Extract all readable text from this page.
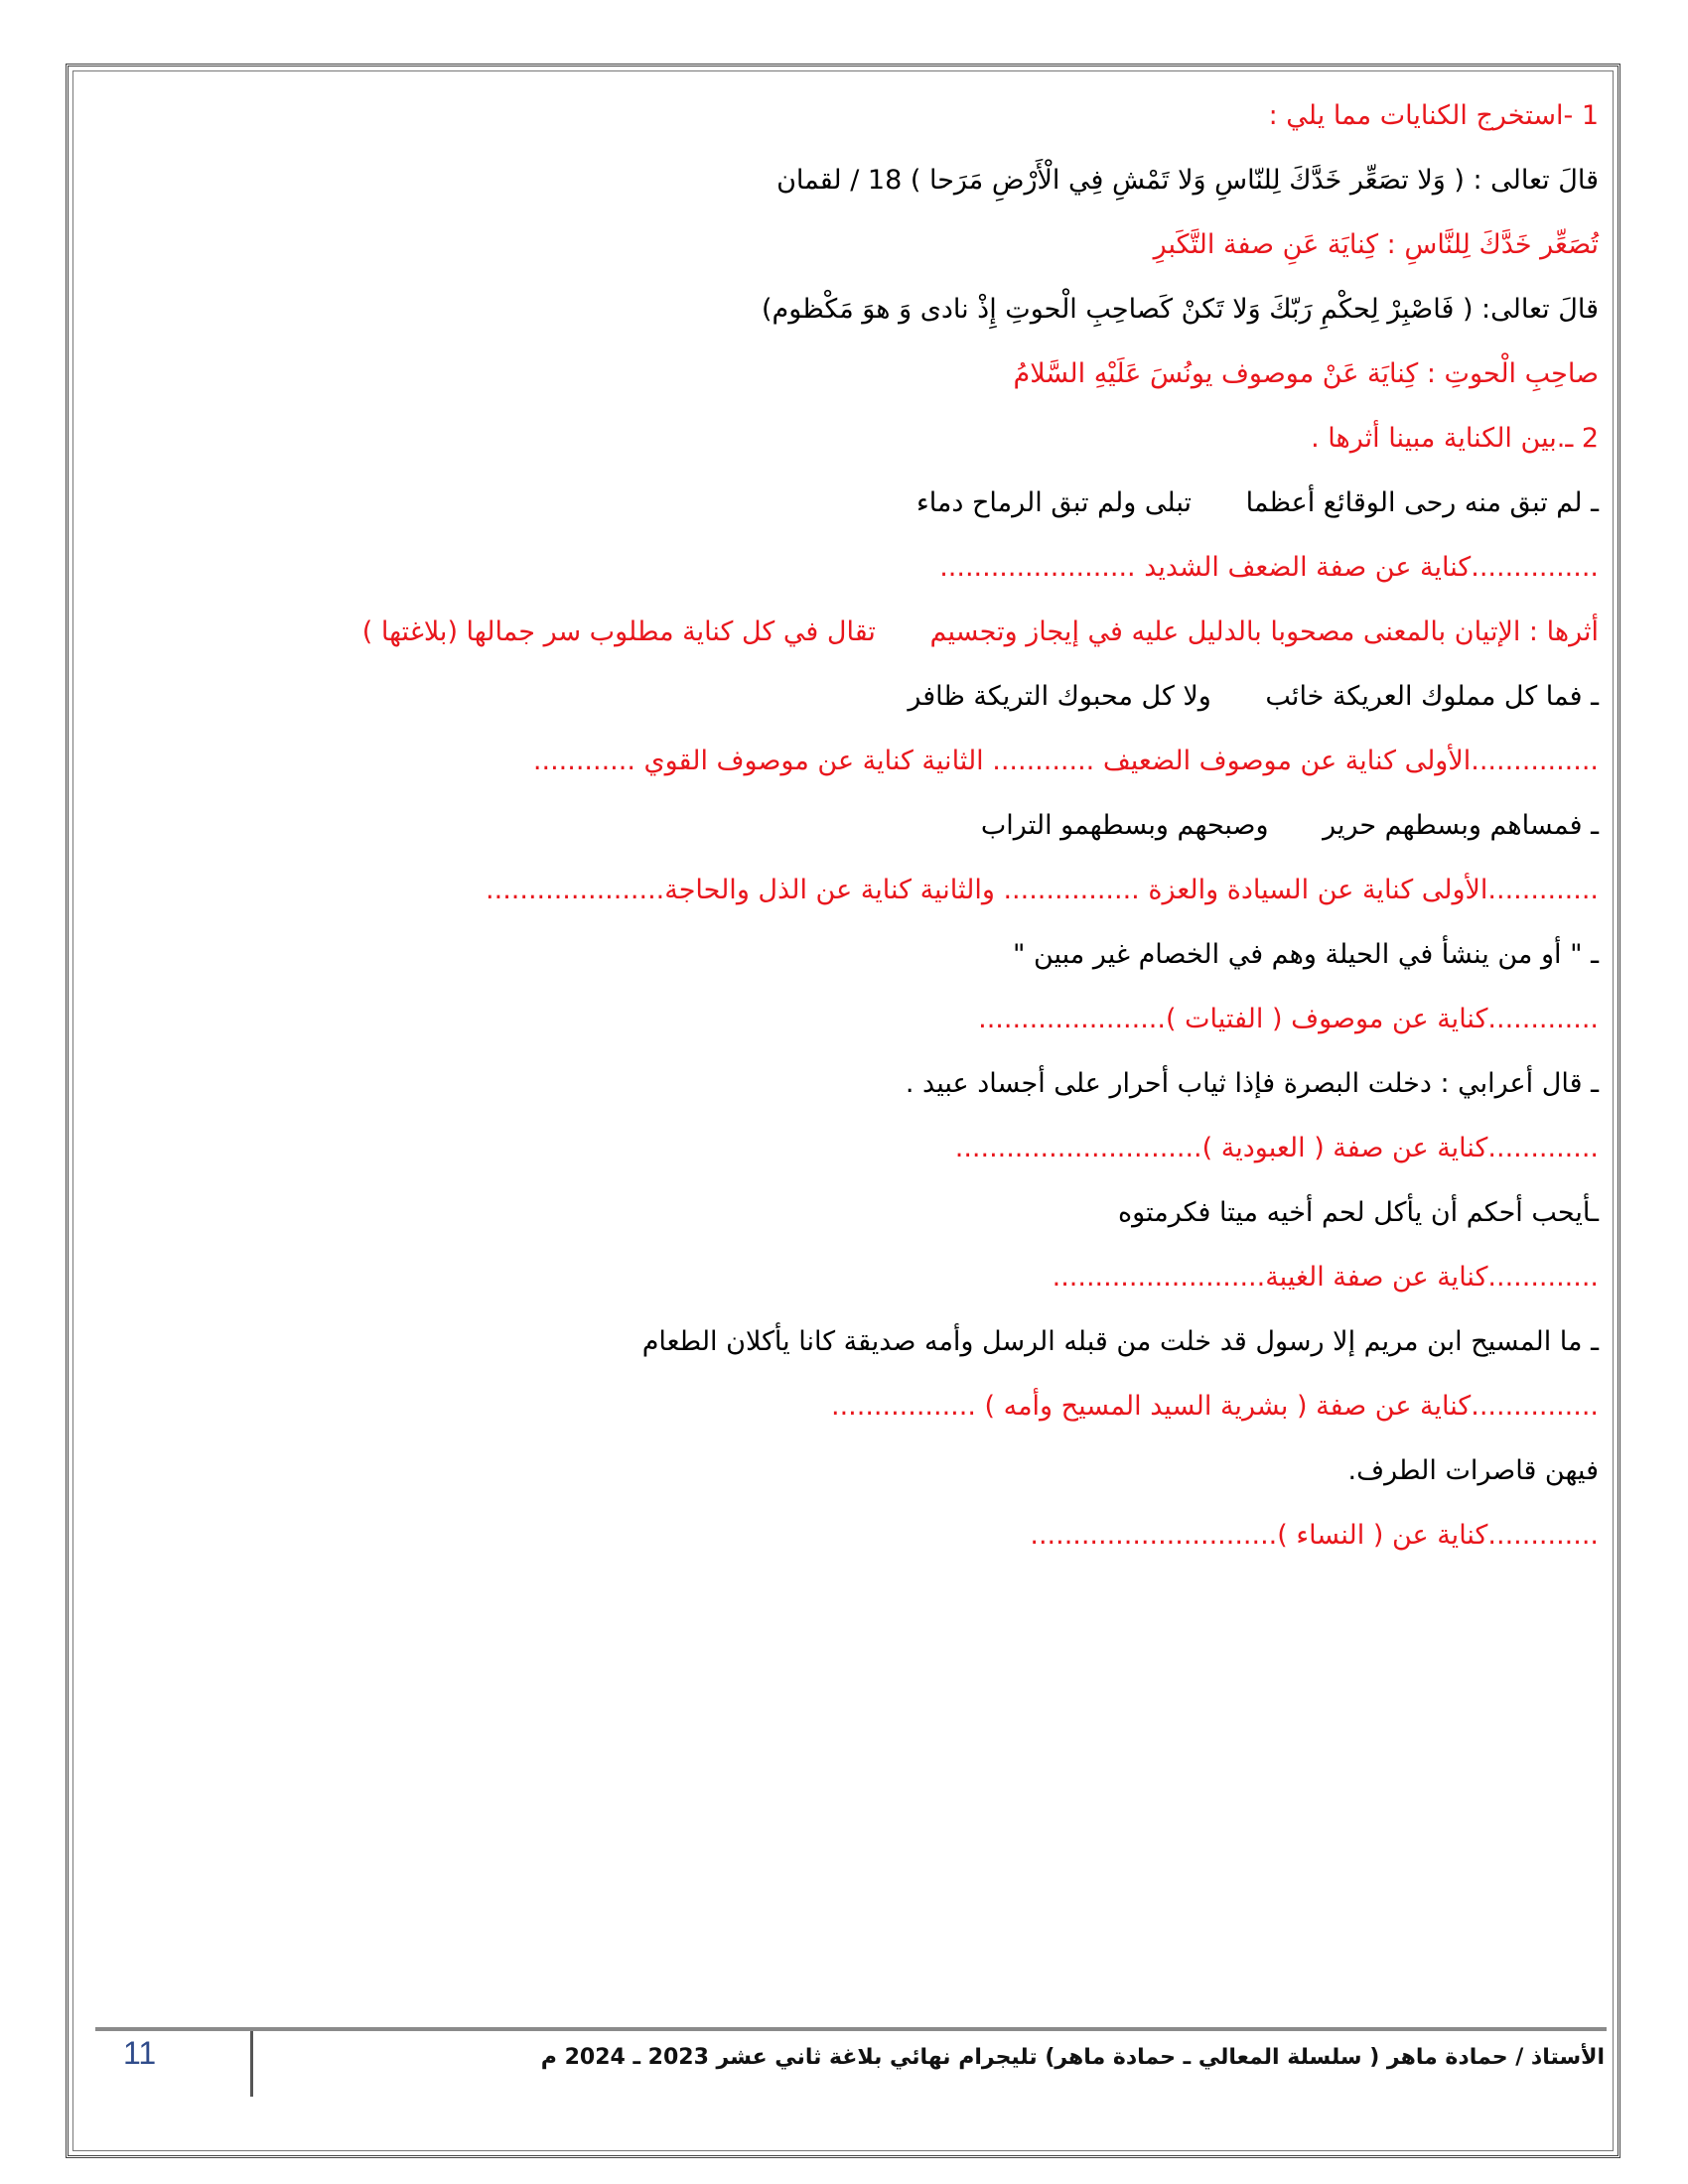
1 -استخرج الكنايات مما يلي :
قالَ تعالى : ( وَلا تصَعِّر خَدَّكَ لِلنّاسِ وَلا تَمْشِ فِي الْأَرْضِ مَرَحا ) 18 / لقمان
تُصَعِّر خَدَّكَ لِلنَّاسِ : كِنايَة عَنِ صفة التَّكَبرِ
قالَ تعالى: ( فَاصْبِرْ لِحكْمِ رَبّكَ وَلا تَكنْ كَصاحِبِ الْحوتِ إِذْ نادى وَ هوَ مَكْظوم)
صاحِبِ الْحوتِ : كِنايَة عَنْ موصوف يونُسَ عَلَيْهِ السَّلامُ
2 ـ.بين الكناية مبينا أثرها .
ـ لم تبق منه رحى الوقائع أعظما تبلى ولم تبق الرماح دماء
...............كناية عن صفة الضعف الشديد .......................
أثرها : الإتيان بالمعنى مصحوبا بالدليل عليه في إيجاز وتجسيم تقال في كل كناية مطلوب سر جمالها (بلاغتها )
ـ فما كل مملوك العريكة خائب ولا كل محبوك التريكة ظافر
...............الأولى كناية عن موصوف الضعيف ............ الثانية كناية عن موصوف القوي ............
ـ فمساهم وبسطهم حرير وصبحهم وبسطهمو التراب
.............الأولى كناية عن السيادة والعزة ................ والثانية كناية عن الذل والحاجة.....................
ـ " أو من ينشأ في الحيلة وهم في الخصام غير مبين "
.............كناية عن موصوف ( الفتيات )......................
ـ قال أعرابي : دخلت البصرة فإذا ثياب أحرار على أجساد عبيد .
.............كناية عن صفة ( العبودية ).............................
ـأيحب أحكم أن يأكل لحم أخيه ميتا فكرمتوه
.............كناية عن صفة الغيبة.........................
ـ ما المسيح ابن مريم إلا رسول قد خلت من قبله الرسل وأمه صديقة كانا يأكلان الطعام
...............كناية عن صفة ( بشرية السيد المسيح وأمه ) .................
فيهن قاصرات الطرف.
.............كناية عن ( النساء ).............................
الأستاذ / حمادة ماهر ( سلسلة المعالي ـ حمادة ماهر) تليجرام نهائي بلاغة ثاني عشر 2023 ـ 2024 م
11
